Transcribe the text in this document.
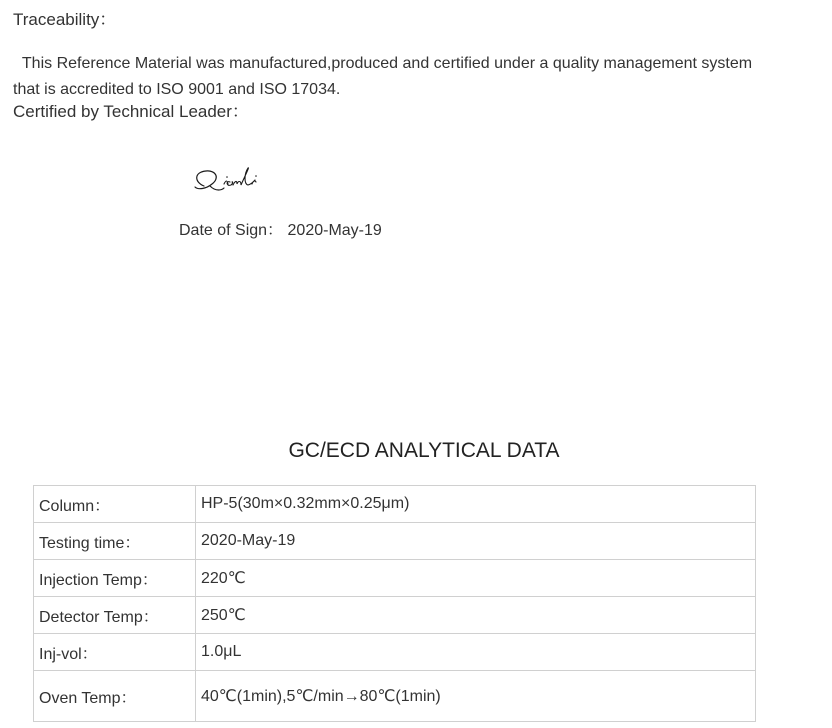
Traceability：
This Reference Material was manufactured,produced and certified under a quality management system
that is accredited to ISO 9001 and ISO 17034.
Certified by Technical Leader：
Date of Sign： 2020-May-19
GC/ECD ANALYTICAL DATA
Column：	HP-5(30m×0.32mm×0.25μm)
Testing time：	2020-May-19
Injection Temp：	220℃
Detector Temp：	250℃
Inj-vol：	1.0μL
Oven Temp：	40℃(1min),5℃/min→80℃(1min)
